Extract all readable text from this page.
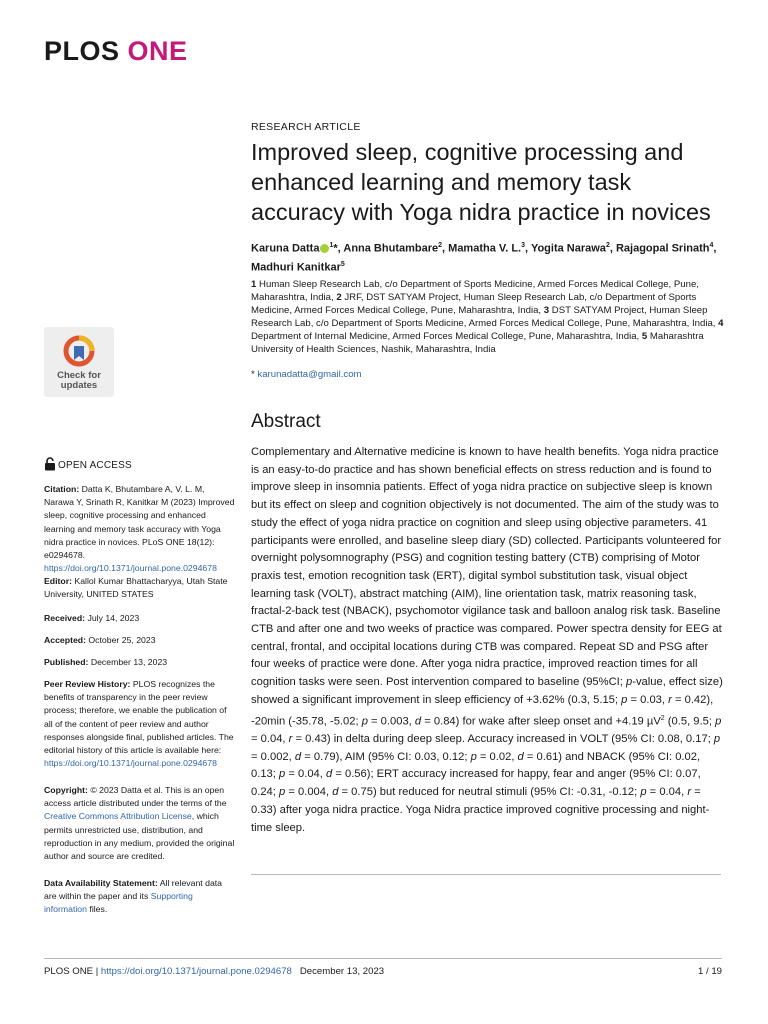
PLOS ONE
RESEARCH ARTICLE
Improved sleep, cognitive processing and enhanced learning and memory task accuracy with Yoga nidra practice in novices
Karuna Datta $^1$*, Anna Bhutambare$^2$, Mamatha V. L.$^3$, Yogita Narawa$^2$, Rajagopal Srinath$^4$, Madhuri Kanitkar$^5$
1 Human Sleep Research Lab, c/o Department of Sports Medicine, Armed Forces Medical College, Pune, Maharashtra, India, 2 JRF, DST SATYAM Project, Human Sleep Research Lab, c/o Department of Sports Medicine, Armed Forces Medical College, Pune, Maharashtra, India, 3 DST SATYAM Project, Human Sleep Research Lab, c/o Department of Sports Medicine, Armed Forces Medical College, Pune, Maharashtra, India, 4 Department of Internal Medicine, Armed Forces Medical College, Pune, Maharashtra, India, 5 Maharashtra University of Health Sciences, Nashik, Maharashtra, India
* karunadatta@gmail.com
Abstract

Complementary and Alternative medicine is known to have health benefits. Yoga nidra practice is an easy-to-do practice and has shown beneficial effects on stress reduction and is found to improve sleep in insomnia patients. Effect of yoga nidra practice on subjective sleep is known but its effect on sleep and cognition objectively is not documented. The aim of the study was to study the effect of yoga nidra practice on cognition and sleep using objective parameters. 41 participants were enrolled, and baseline sleep diary (SD) collected. Participants volunteered for overnight polysomnography (PSG) and cognition testing battery (CTB) comprising of Motor praxis test, emotion recognition task (ERT), digital symbol substitution task, visual object learning task (VOLT), abstract matching (AIM), line orientation task, matrix reasoning task, fractal-2-back test (NBACK), psychomotor vigilance task and balloon analog risk task. Baseline CTB and after one and two weeks of practice was compared. Power spectra density for EEG at central, frontal, and occipital locations during CTB was compared. Repeat SD and PSG after four weeks of practice were done. After yoga nidra practice, improved reaction times for all cognition tasks were seen. Post intervention compared to baseline (95%CI; p-value, effect size) showed a significant improvement in sleep efficiency of +3.62% (0.3, 5.15; p = 0.03, r = 0.42), -20min (-35.78, -5.02; p = 0.003, d = 0.84) for wake after sleep onset and +4.19 µV$^2$ (0.5, 9.5; p = 0.04, r = 0.43) in delta during deep sleep. Accuracy increased in VOLT (95% CI: 0.08, 0.17; p = 0.002, d = 0.79), AIM (95% CI: 0.03, 0.12; p = 0.02, d = 0.61) and NBACK (95% CI: 0.02, 0.13; p = 0.04, d = 0.56); ERT accuracy increased for happy, fear and anger (95% CI: 0.07, 0.24; p = 0.004, d = 0.75) but reduced for neutral stimuli (95% CI: -0.31, -0.12; p = 0.04, r = 0.33) after yoga nidra practice. Yoga Nidra practice improved cognitive processing and night-time sleep.

Check for
updates
OPEN ACCESS
Citation: Datta K, Bhutambare A, V. L. M, Narawa Y, Srinath R, Kanitkar M (2023) Improved sleep, cognitive processing and enhanced learning and memory task accuracy with Yoga nidra practice in novices. PLoS ONE 18(12): e0294678. https://doi.org/10.1371/journal.pone.0294678
Editor: Kallol Kumar Bhattacharyya, Utah State University, UNITED STATES
Received: July 14, 2023
Accepted: October 25, 2023
Published: December 13, 2023
Peer Review History: PLOS recognizes the benefits of transparency in the peer review process; therefore, we enable the publication of all of the content of peer review and author responses alongside final, published articles. The editorial history of this article is available here: https://doi.org/10.1371/journal.pone.0294678
Copyright: © 2023 Datta et al. This is an open access article distributed under the terms of the Creative Commons Attribution License, which permits unrestricted use, distribution, and reproduction in any medium, provided the original author and source are credited.
Data Availability Statement: All relevant data are within the paper and its Supporting information files.
PLOS ONE | https://doi.org/10.1371/journal.pone.0294678 December 13, 2023	1 / 19
